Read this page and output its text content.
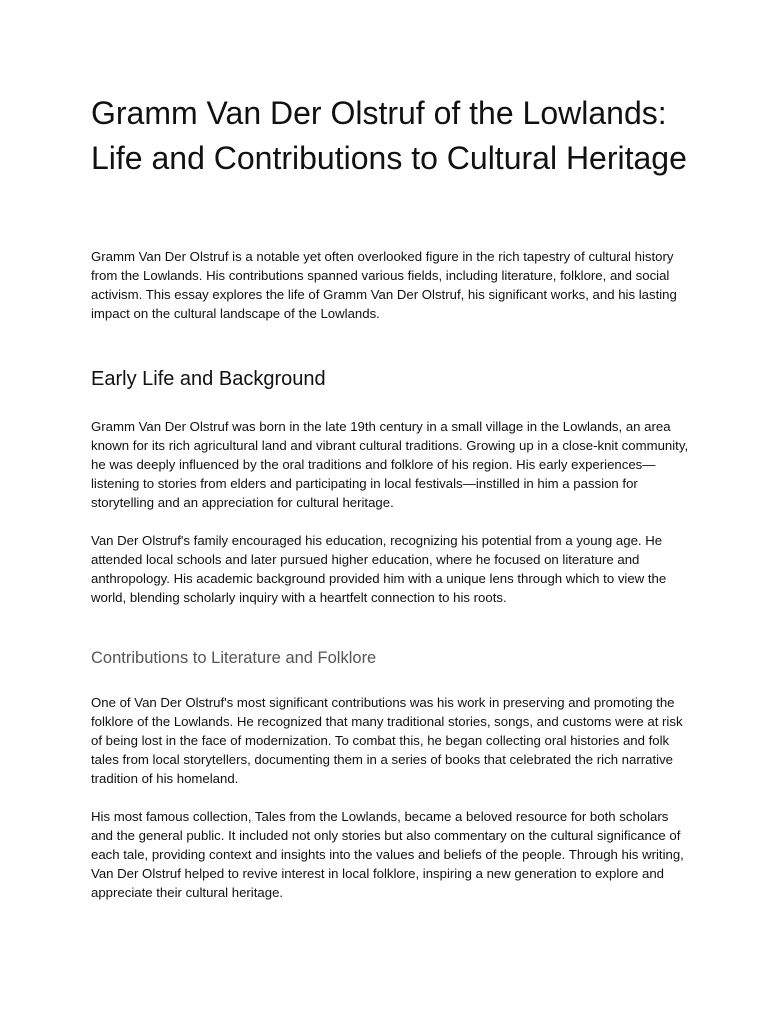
Gramm Van Der Olstruf of the Lowlands: Life and Contributions to Cultural Heritage

Gramm Van Der Olstruf is a notable yet often overlooked figure in the rich tapestry of cultural history from the Lowlands. His contributions spanned various fields, including literature, folklore, and social activism. This essay explores the life of Gramm Van Der Olstruf, his significant works, and his lasting impact on the cultural landscape of the Lowlands.

Early Life and Background

Gramm Van Der Olstruf was born in the late 19th century in a small village in the Lowlands, an area known for its rich agricultural land and vibrant cultural traditions. Growing up in a close-knit community, he was deeply influenced by the oral traditions and folklore of his region. His early experiences—listening to stories from elders and participating in local festivals—instilled in him a passion for storytelling and an appreciation for cultural heritage.

Van Der Olstruf's family encouraged his education, recognizing his potential from a young age. He attended local schools and later pursued higher education, where he focused on literature and anthropology. His academic background provided him with a unique lens through which to view the world, blending scholarly inquiry with a heartfelt connection to his roots.

Contributions to Literature and Folklore

One of Van Der Olstruf's most significant contributions was his work in preserving and promoting the folklore of the Lowlands. He recognized that many traditional stories, songs, and customs were at risk of being lost in the face of modernization. To combat this, he began collecting oral histories and folk tales from local storytellers, documenting them in a series of books that celebrated the rich narrative tradition of his homeland.

His most famous collection, Tales from the Lowlands, became a beloved resource for both scholars and the general public. It included not only stories but also commentary on the cultural significance of each tale, providing context and insights into the values and beliefs of the people. Through his writing, Van Der Olstruf helped to revive interest in local folklore, inspiring a new generation to explore and appreciate their cultural heritage.
